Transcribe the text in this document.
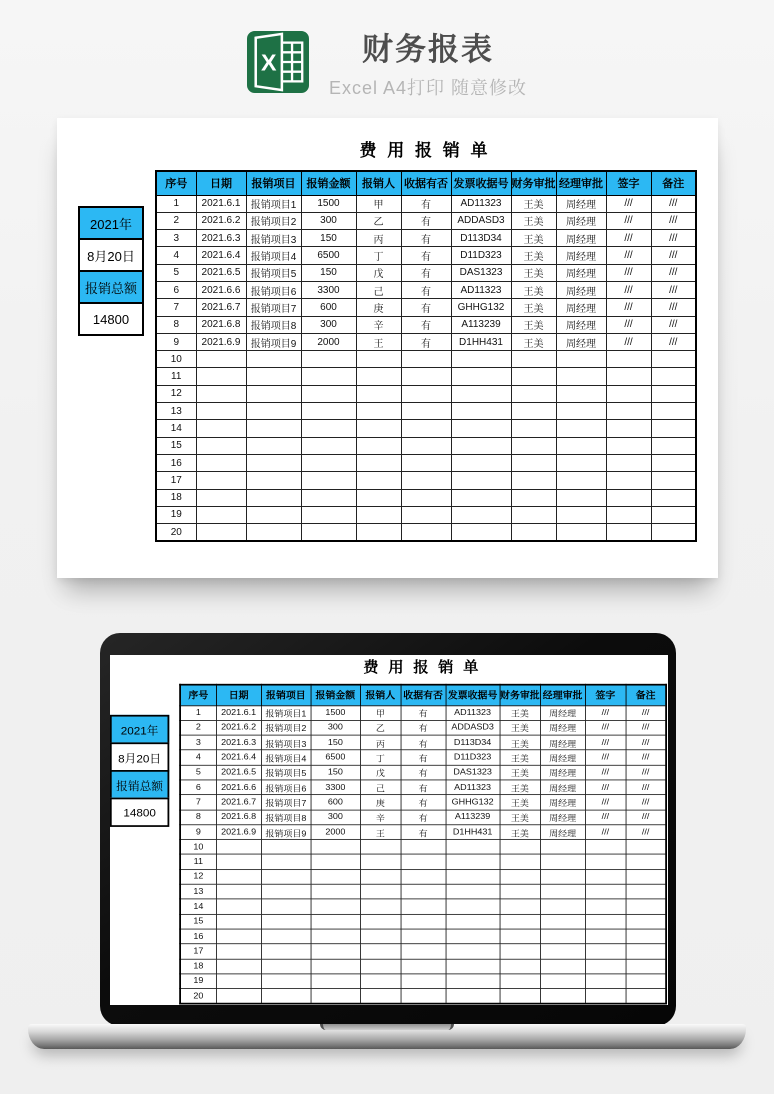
X	财务报表
Excel A4打印 随意修改
费 用 报 销 单
2021年
8月20日
报销总额
14800
序号	日期	报销项目	报销金额	报销人	收据有否	发票收据号	财务审批	经理审批	签字	备注
1	2021.6.1	报销项目1	1500	甲	有	AD11323	王美	周经理	///	///
2	2021.6.2	报销项目2	300	乙	有	ADDASD3	王美	周经理	///	///
3	2021.6.3	报销项目3	150	丙	有	D113D34	王美	周经理	///	///
4	2021.6.4	报销项目4	6500	丁	有	D11D323	王美	周经理	///	///
5	2021.6.5	报销项目5	150	戊	有	DAS1323	王美	周经理	///	///
6	2021.6.6	报销项目6	3300	己	有	AD11323	王美	周经理	///	///
7	2021.6.7	报销项目7	600	庚	有	GHHG132	王美	周经理	///	///
8	2021.6.8	报销项目8	300	辛	有	A113239	王美	周经理	///	///
9	2021.6.9	报销项目9	2000	王	有	D1HH431	王美	周经理	///	///
10										
11										
12										
13										
14										
15										
16										
17										
18										
19										
20										
费 用 报 销 单
2021年
8月20日
报销总额
14800
序号	日期	报销项目	报销金额	报销人	收据有否	发票收据号	财务审批	经理审批	签字	备注
1	2021.6.1	报销项目1	1500	甲	有	AD11323	王美	周经理	///	///
2	2021.6.2	报销项目2	300	乙	有	ADDASD3	王美	周经理	///	///
3	2021.6.3	报销项目3	150	丙	有	D113D34	王美	周经理	///	///
4	2021.6.4	报销项目4	6500	丁	有	D11D323	王美	周经理	///	///
5	2021.6.5	报销项目5	150	戊	有	DAS1323	王美	周经理	///	///
6	2021.6.6	报销项目6	3300	己	有	AD11323	王美	周经理	///	///
7	2021.6.7	报销项目7	600	庚	有	GHHG132	王美	周经理	///	///
8	2021.6.8	报销项目8	300	辛	有	A113239	王美	周经理	///	///
9	2021.6.9	报销项目9	2000	王	有	D1HH431	王美	周经理	///	///
10										
11										
12										
13										
14										
15										
16										
17										
18										
19										
20										
